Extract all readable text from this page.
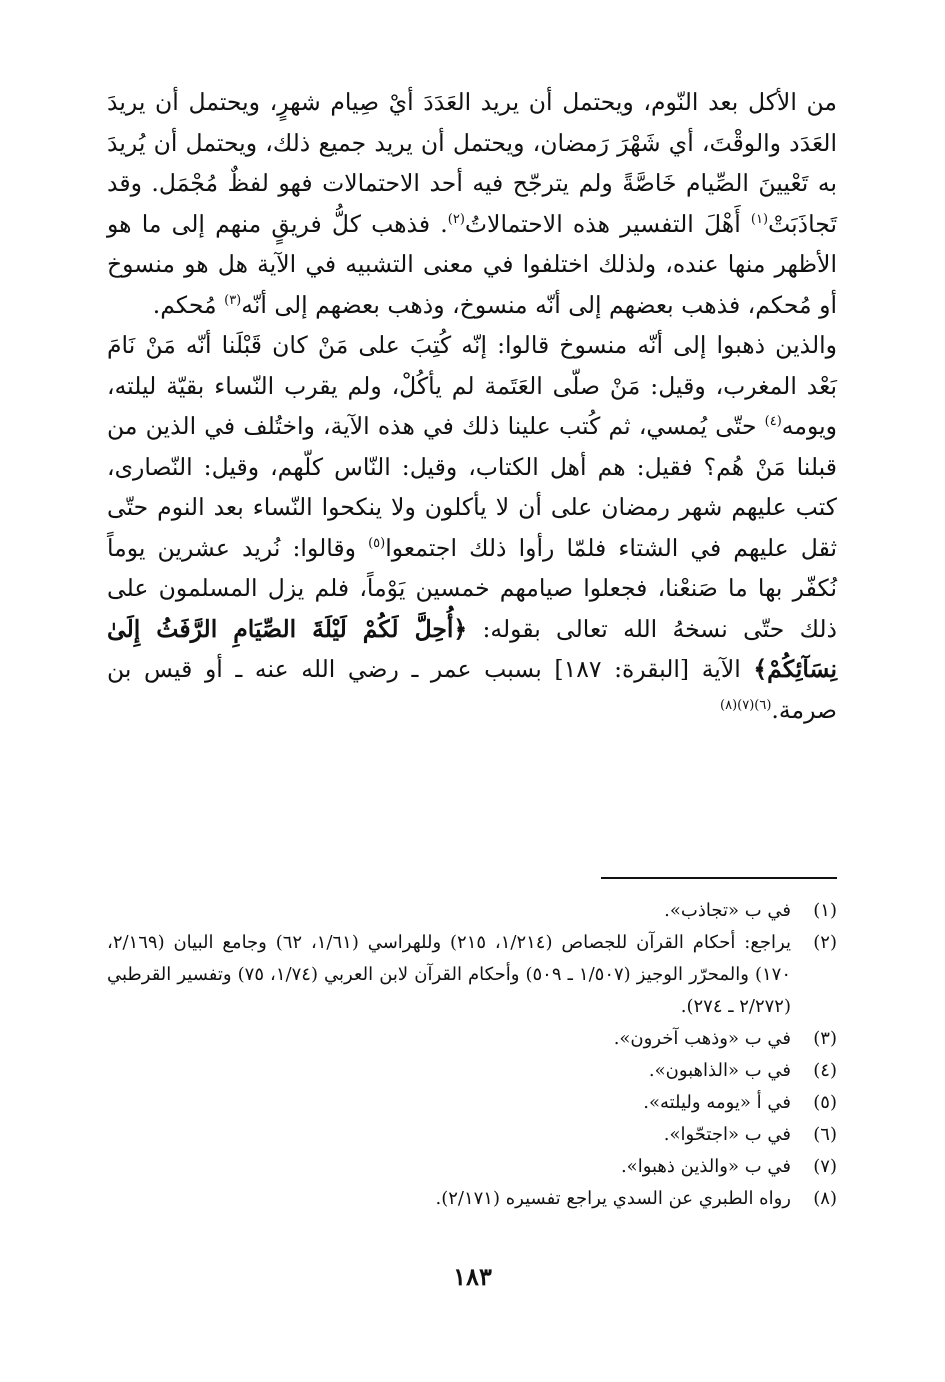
من الأكل بعد النّوم، ويحتمل أن يريد العَدَدَ أيْ صِيام شهرٍ، ويحتمل أن يريدَ العَدَد والوقْتَ، أي شَهْرَ رَمضان، ويحتمل أن يريد جميع ذلك، ويحتمل أن يُريدَ به تَعْيينَ الصِّيام خَاصَّةً ولم يترجّح فيه أحد الاحتمالات فهو لفظٌ مُجْمَل. وقد تَجاذَبَتْ$^{(١)}$ أَهْلَ التفسير هذه الاحتمالاتُ$^{(٢)}$. فذهب كلُّ فريقٍ منهم إلى ما هو الأظهر منها عنده، ولذلك اختلفوا في معنى التشبيه في الآية هل هو منسوخ أو مُحكم، فذهب بعضهم إلى أنّه منسوخ، وذهب بعضهم إلى أنّه$^{(٣)}$ مُحكم.

والذين ذهبوا إلى أنّه منسوخ قالوا: إنّه كُتِبَ على مَنْ كان قَبْلَنا أنّه مَنْ نَامَ بَعْد المغرب، وقيل: مَنْ صلّى العَتَمة لم يأكُلْ، ولم يقرب النّساء بقيّة ليلته، ويومه$^{(٤)}$ حتّى يُمسي، ثم كُتب علينا ذلك في هذه الآية، واختُلف في الذين من قبلنا مَنْ هُم؟ فقيل: هم أهل الكتاب، وقيل: النّاس كلّهم، وقيل: النّصارى، كتب عليهم شهر رمضان على أن لا يأكلون ولا ينكحوا النّساء بعد النوم حتّى ثقل عليهم في الشتاء فلمّا رأوا ذلك اجتمعوا$^{(٥)}$ وقالوا: نُريد عشرين يوماً نُكفّر بها ما صَنعْنا، فجعلوا صيامهم خمسين يَوْماً، فلم يزل المسلمون على ذلك حتّى نسخهُ الله تعالى بقوله: ﴿أُحِلَّ لَكُمْ لَيْلَةَ الصِّيَامِ الرَّفَثُ إِلَىٰ نِسَآئِكُمْ﴾ الآية [البقرة: ١٨٧] بسبب عمر ـ رضي الله عنه ـ أو قيس بن صرمة.$^{(٦)(٧)(٨)}$

(١)
في ب «تجاذب».
(٢)
يراجع: أحكام القرآن للجصاص (١/٢١٤، ٢١٥) وللهراسي (١/٦١، ٦٢) وجامع البيان (٢/١٦٩، ١٧٠) والمحرّر الوجيز (١/٥٠٧ ـ ٥٠٩) وأحكام القرآن لابن العربي (١/٧٤، ٧٥) وتفسير القرطبي (٢/٢٧٢ ـ ٢٧٤).
(٣)
في ب «وذهب آخرون».
(٤)
في ب «الذاهبون».
(٥)
في أ «يومه وليلته».
(٦)
في ب «اجتحّوا».
(٧)
في ب «والذين ذهبوا».
(٨)
رواه الطبري عن السدي يراجع تفسيره (٢/١٧١).
١٨٣
